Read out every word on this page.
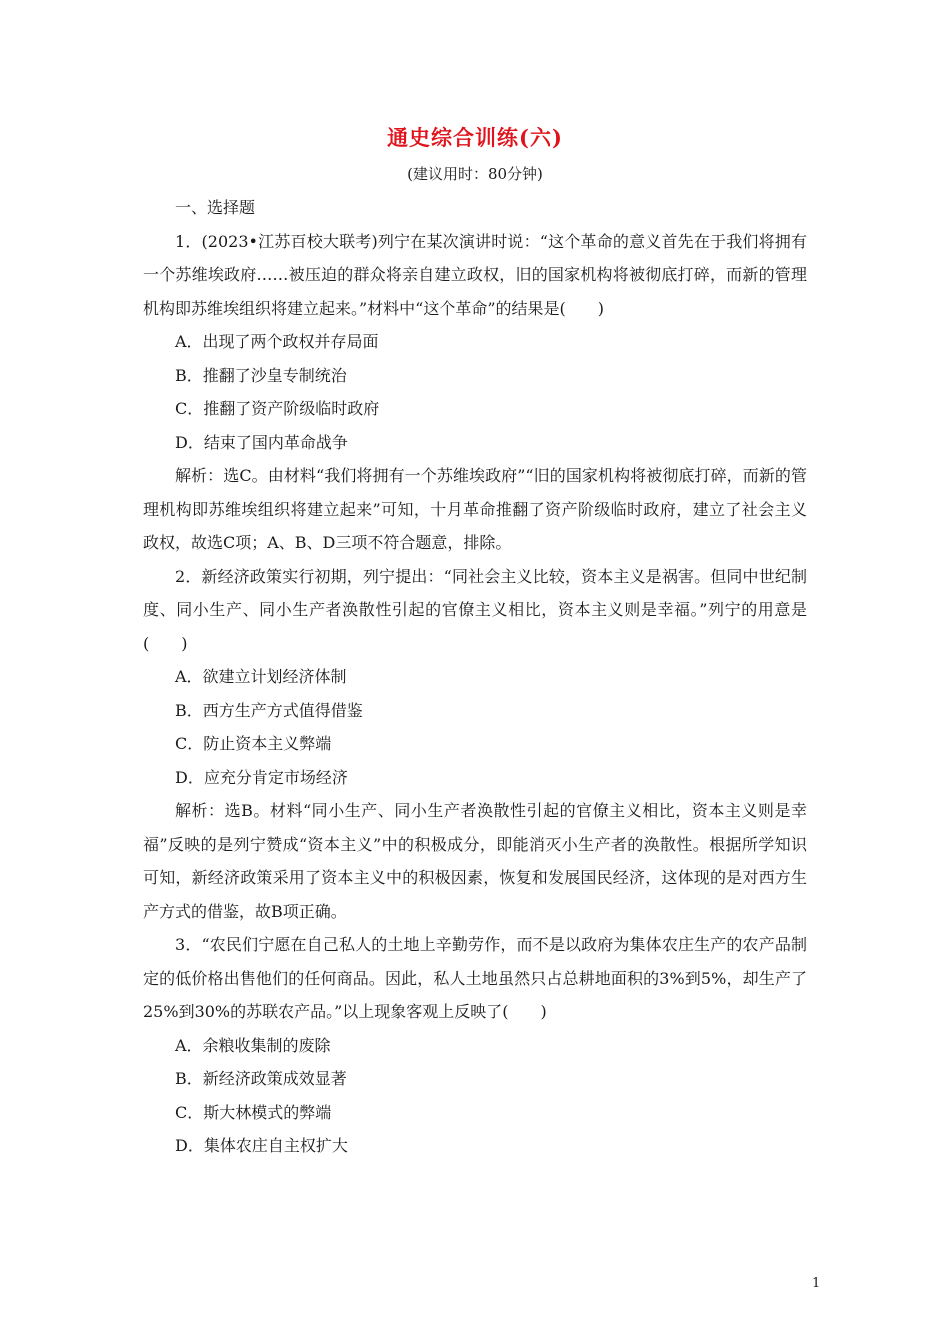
通史综合训练(六)
(建议用时：80分钟)
一、选择题
1．(2023•江苏百校大联考)列宁在某次演讲时说：“这个革命的意义首先在于我们将拥有一个苏维埃政府……被压迫的群众将亲自建立政权，旧的国家机构将被彻底打碎，而新的管理机构即苏维埃组织将建立起来。”材料中“这个革命”的结果是(　　)
A．出现了两个政权并存局面
B．推翻了沙皇专制统治
C．推翻了资产阶级临时政府
D．结束了国内革命战争
解析：选C。由材料“我们将拥有一个苏维埃政府”“旧的国家机构将被彻底打碎，而新的管理机构即苏维埃组织将建立起来”可知，十月革命推翻了资产阶级临时政府，建立了社会主义政权，故选C项；A、B、D三项不符合题意，排除。
2．新经济政策实行初期，列宁提出：“同社会主义比较，资本主义是祸害。但同中世纪制度、同小生产、同小生产者涣散性引起的官僚主义相比，资本主义则是幸福。”列宁的用意是(　　)
A．欲建立计划经济体制
B．西方生产方式值得借鉴
C．防止资本主义弊端
D．应充分肯定市场经济
解析：选B。材料“同小生产、同小生产者涣散性引起的官僚主义相比，资本主义则是幸福”反映的是列宁赞成“资本主义”中的积极成分，即能消灭小生产者的涣散性。根据所学知识可知，新经济政策采用了资本主义中的积极因素，恢复和发展国民经济，这体现的是对西方生产方式的借鉴，故B项正确。
3．“农民们宁愿在自己私人的土地上辛勤劳作，而不是以政府为集体农庄生产的农产品制定的低价格出售他们的任何商品。因此，私人土地虽然只占总耕地面积的3%到5%，却生产了25%到30%的苏联农产品。”以上现象客观上反映了(　　)
A．余粮收集制的废除
B．新经济政策成效显著
C．斯大林模式的弊端
D．集体农庄自主权扩大
1
